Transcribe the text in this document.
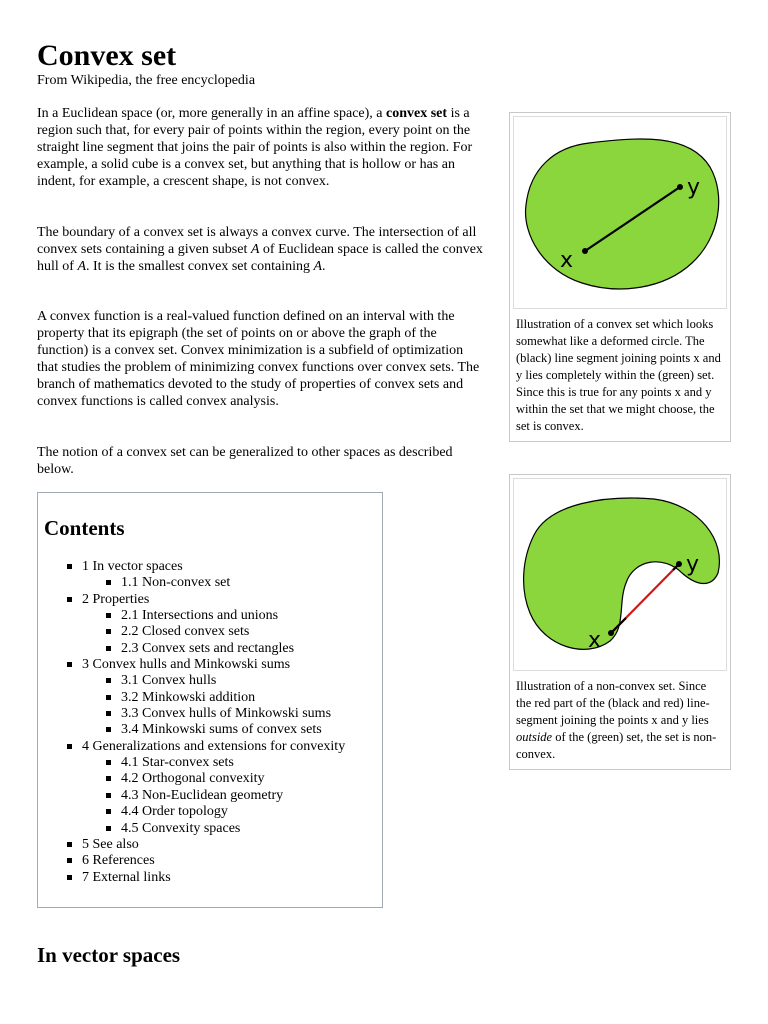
Convex set
From Wikipedia, the free encyclopedia

In a Euclidean space (or, more generally in an affine space), a convex set is a region such that, for every pair of points within the region, every point on the straight line segment that joins the pair of points is also within the region. For example, a solid cube is a convex set, but anything that is hollow or has an indent, for example, a crescent shape, is not convex.

The boundary of a convex set is always a convex curve. The intersection of all convex sets containing a given subset A of Euclidean space is called the convex hull of A. It is the smallest convex set containing A.

A convex function is a real-valued function defined on an interval with the property that its epigraph (the set of points on or above the graph of the function) is a convex set. Convex minimization is a subfield of optimization that studies the problem of minimizing convex functions over convex sets. The branch of mathematics devoted to the study of properties of convex sets and convex functions is called convex analysis.

The notion of a convex set can be generalized to other spaces as described below.

x
y
Illustration of a convex set which looks somewhat like a deformed circle. The (black) line segment joining points x and y lies completely within the (green) set. Since this is true for any points x and y within the set that we might choose, the set is convex.
x
y
Illustration of a non-convex set. Since the red part of the (black and red) line-segment joining the points x and y lies outside of the (green) set, the set is non-convex.
Contents
1 In vector spaces
1.1 Non-convex set
2 Properties
2.1 Intersections and unions
2.2 Closed convex sets
2.3 Convex sets and rectangles
3 Convex hulls and Minkowski sums
3.1 Convex hulls
3.2 Minkowski addition
3.3 Convex hulls of Minkowski sums
3.4 Minkowski sums of convex sets
4 Generalizations and extensions for convexity
4.1 Star-convex sets
4.2 Orthogonal convexity
4.3 Non-Euclidean geometry
4.4 Order topology
4.5 Convexity spaces
5 See also
6 References
7 External links
In vector spaces
